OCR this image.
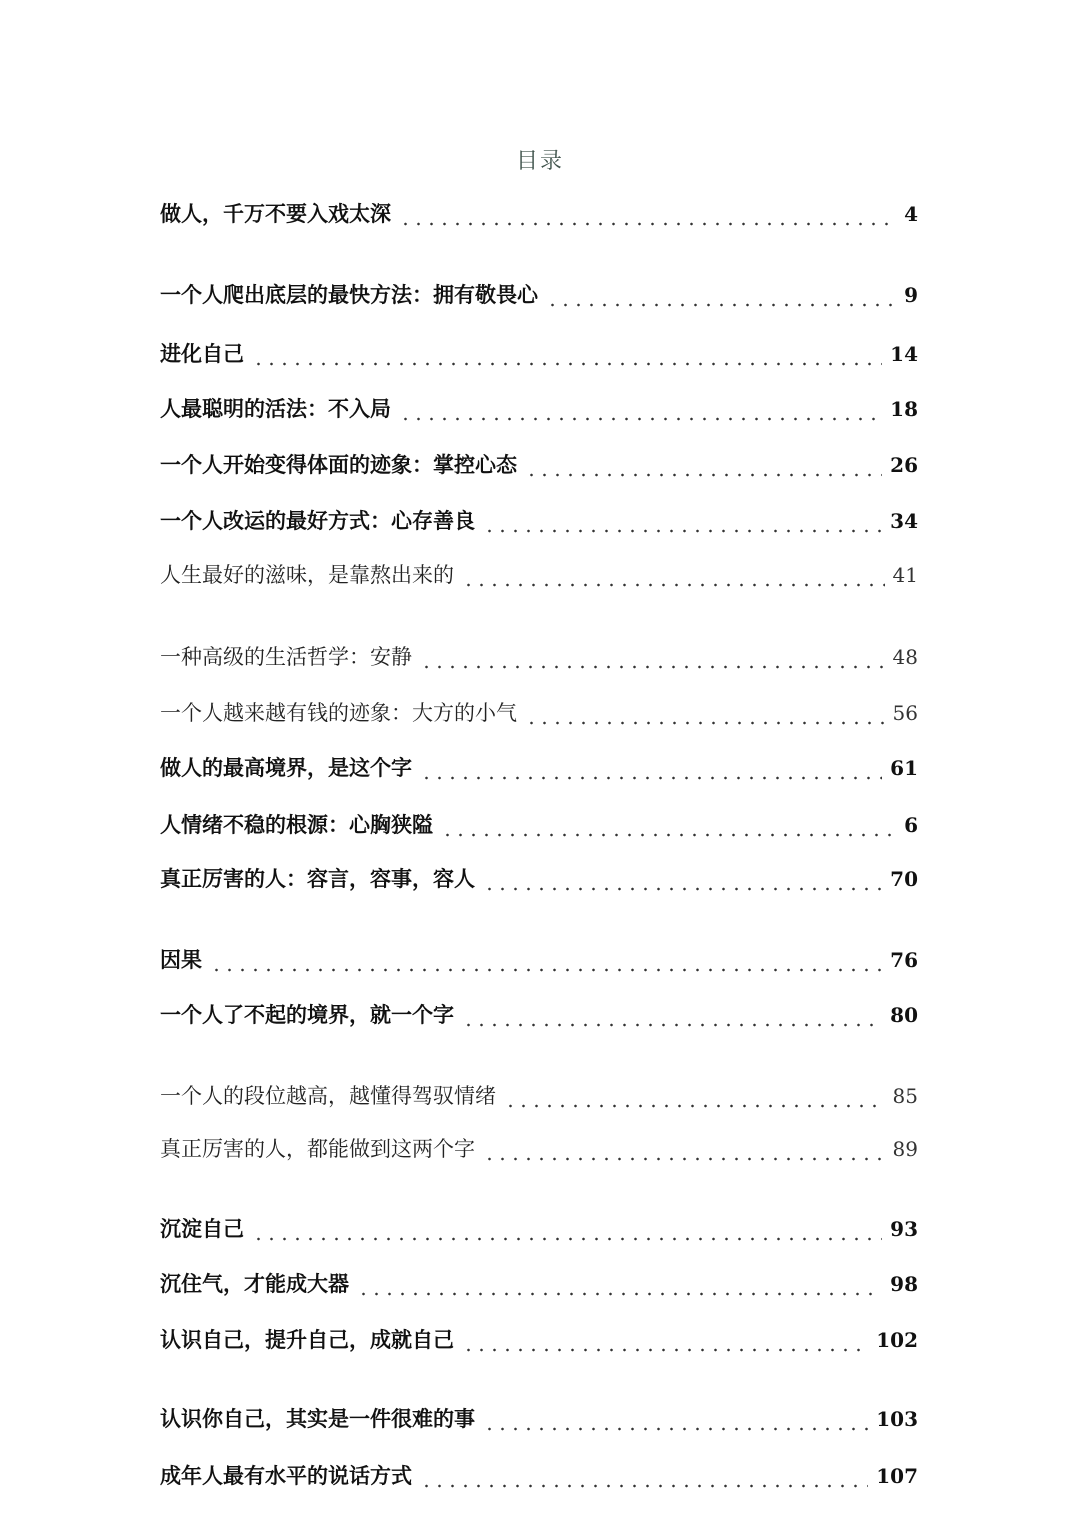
目录
做人，千万不要入戏太深	4
一个人爬出底层的最快方法：拥有敬畏心	9
进化自己	14
人最聪明的活法：不入局	18
一个人开始变得体面的迹象：掌控心态	26
一个人改运的最好方式：心存善良	34
人生最好的滋味，是靠熬出来的	41
一种高级的生活哲学：安静	48
一个人越来越有钱的迹象：大方的小气	56
做人的最高境界，是这个字	61
人情绪不稳的根源：心胸狭隘	6
真正厉害的人：容言，容事，容人	70
因果	76
一个人了不起的境界，就一个字	80
一个人的段位越高，越懂得驾驭情绪	85
真正厉害的人，都能做到这两个字	89
沉淀自己	93
沉住气，才能成大器	98
认识自己，提升自己，成就自己	102
认识你自己，其实是一件很难的事	103
成年人最有水平的说话方式	107
